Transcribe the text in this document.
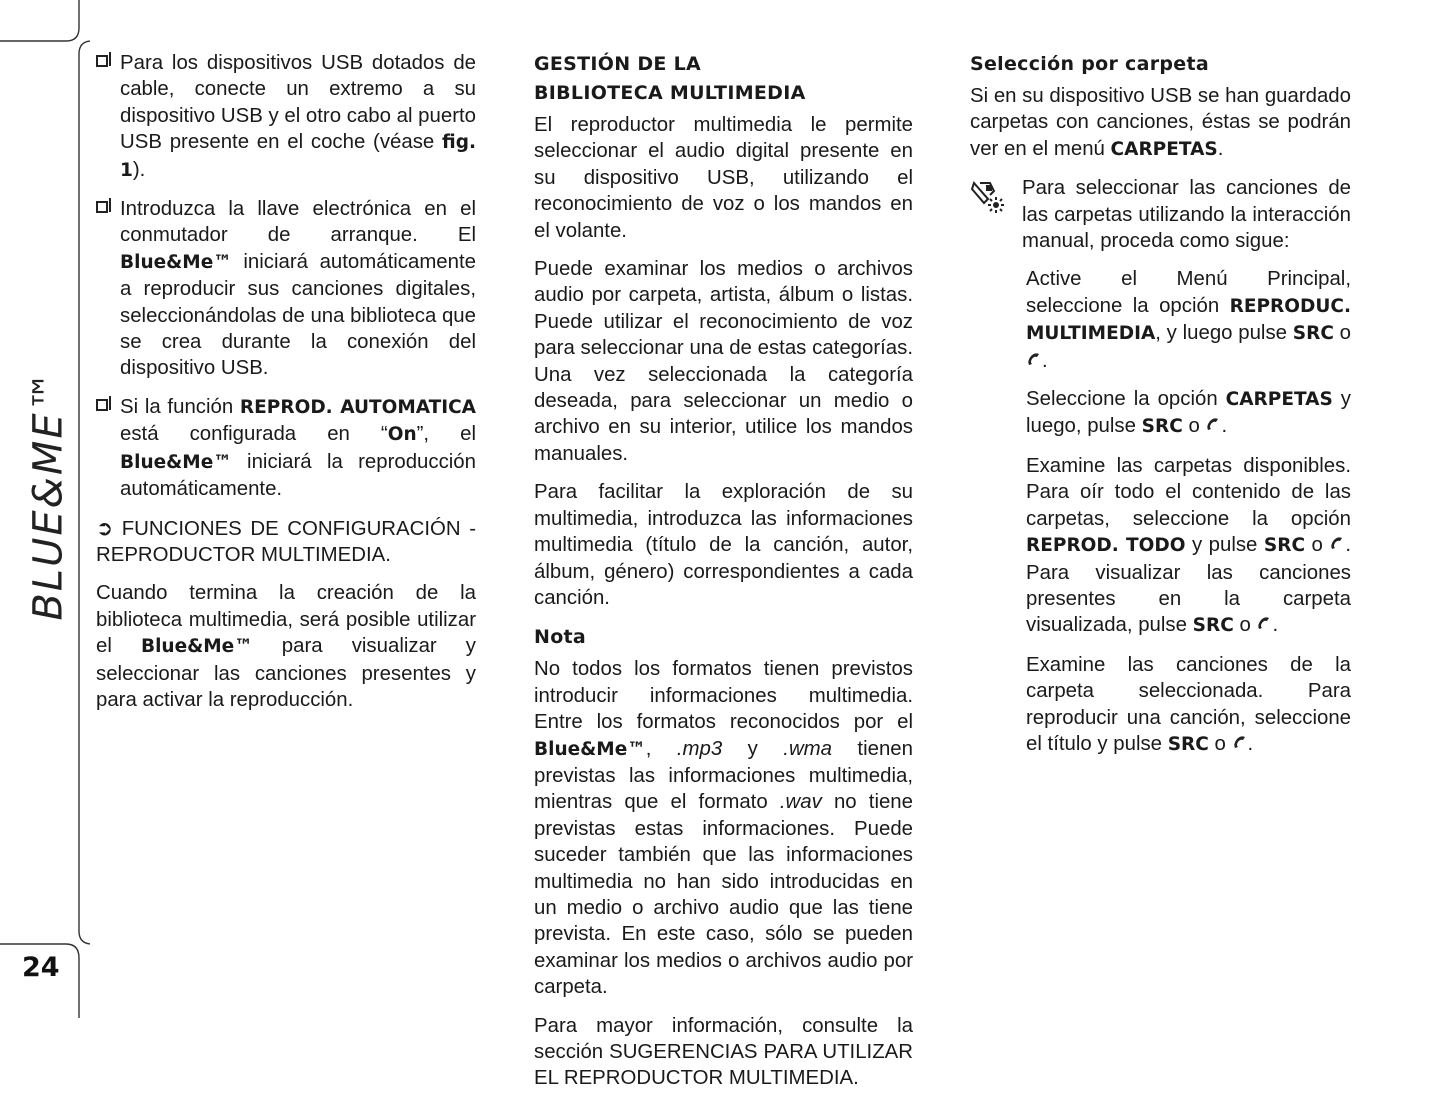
BLUE&ME™
24

Para los dispositivos USB dotados de cable, conecte un extremo a su dispositivo USB y el otro cabo al puerto USB presente en el coche (véase fig. 1).

Introduzca la llave electrónica en el conmutador de arranque. El Blue&Me™ iniciará automáticamente a reproducir sus canciones digitales, seleccionándolas de una biblioteca que se crea durante la conexión del dispositivo USB.

Si la función REPROD. AUTOMATICA está configurada en “On”, el Blue&Me™ iniciará la reproducción automáticamente.

➲ FUNCIONES DE CONFIGURACIÓN - REPRODUCTOR MULTIMEDIA.

Cuando termina la creación de la biblioteca multimedia, será posible utilizar el Blue&Me™ para visualizar y seleccionar las canciones presentes y para activar la reproducción.

GESTIÓN DE LA
BIBLIOTECA MULTIMEDIA

El reproductor multimedia le permite seleccionar el audio digital presente en su dispositivo USB, utilizando el reconocimiento de voz o los mandos en el volante.

Puede examinar los medios o archivos audio por carpeta, artista, álbum o listas. Puede utilizar el reconocimiento de voz para seleccionar una de estas categorías. Una vez seleccionada la categoría deseada, para seleccionar un medio o archivo en su interior, utilice los mandos manuales.

Para facilitar la exploración de su multimedia, introduzca las informaciones multimedia (título de la canción, autor, álbum, género) correspondientes a cada canción.

Nota

No todos los formatos tienen previstos introducir informaciones multimedia. Entre los formatos reconocidos por el Blue&Me™, .mp3 y .wma tienen previstas las informaciones multimedia, mientras que el formato .wav no tiene previstas estas informaciones. Puede suceder también que las informaciones multimedia no han sido introducidas en un medio o archivo audio que las tiene prevista. En este caso, sólo se pueden examinar los medios o archivos audio por carpeta.

Para mayor información, consulte la sección SUGERENCIAS PARA UTILIZAR EL REPRODUCTOR MULTIMEDIA.

Selección por carpeta

Si en su dispositivo USB se han guardado carpetas con canciones, éstas se podrán ver en el menú CARPETAS.

Para seleccionar las canciones de las carpetas utilizando la interacción manual, proceda como sigue:

Active el Menú Principal, seleccione la opción REPRODUC. MULTIMEDIA, y luego pulse SRC o .

Seleccione la opción CARPETAS y luego, pulse SRC o .

Examine las carpetas disponibles. Para oír todo el contenido de las carpetas, seleccione la opción REPROD. TODO y pulse SRC o . Para visualizar las canciones presentes en la carpeta visualizada, pulse SRC o .

Examine las canciones de la carpeta seleccionada. Para reproducir una canción, seleccione el título y pulse SRC o .
